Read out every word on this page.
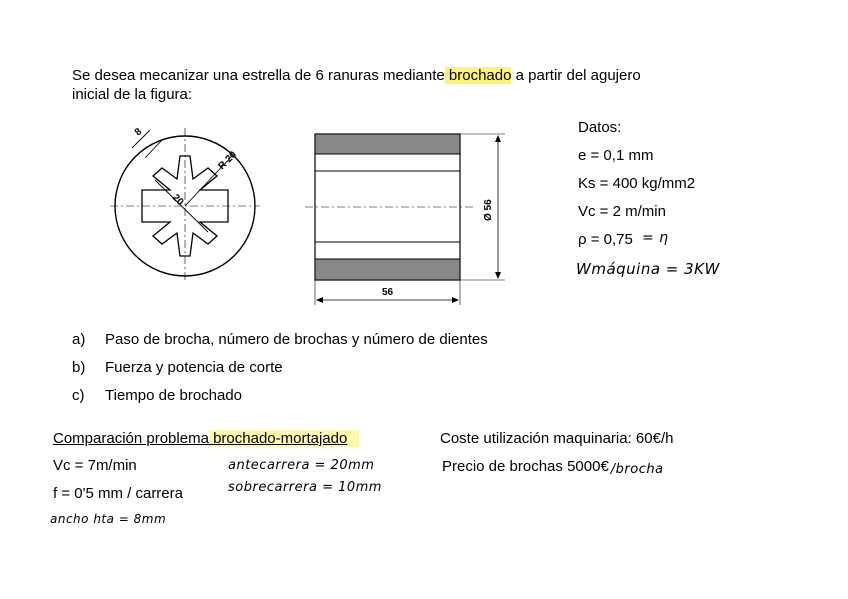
Se desea mecanizar una estrella de 6 ranuras mediante brochado a partir del agujero
inicial de la figura:
8
R 20
20	Ø 56
56
Datos:
e = 0,1 mm
Ks = 400 kg/mm2
Vc = 2 m/min
ρ = 0,75 = η
Wmáquina = 3KW
a) Paso de brocha, número de brochas y número de dientes
b) Fuerza y potencia de corte
c) Tiempo de brochado
Comparación problema brochado-mortajado	Coste utilización maquinaria: 60€/h
Vc = 7m/min	antecarrera = 20mm	Precio de brochas 5000€ /brocha
f = 0'5 mm / carrera	sobrecarrera = 10mm
ancho hta = 8mm
